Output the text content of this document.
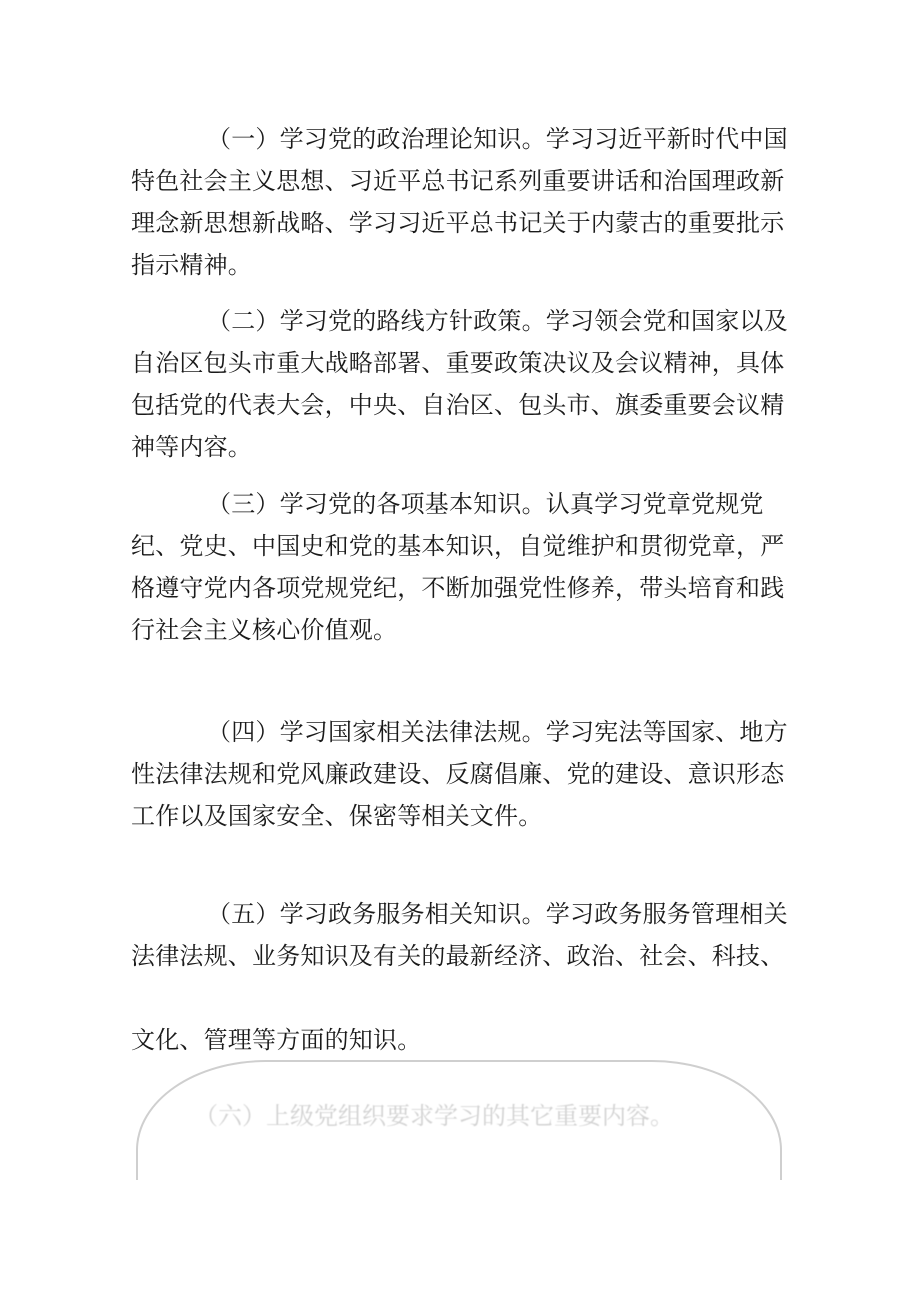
（一）学习党的政治理论知识。学习习近平新时代中国特色社会主义思想、习近平总书记系列重要讲话和治国理政新理念新思想新战略、学习习近平总书记关于内蒙古的重要批示指示精神。

（二）学习党的路线方针政策。学习领会党和国家以及自治区包头市重大战略部署、重要政策决议及会议精神，具体包括党的代表大会，中央、自治区、包头市、旗委重要会议精神等内容。

（三）学习党的各项基本知识。认真学习党章党规党纪、党史、中国史和党的基本知识，自觉维护和贯彻党章，严格遵守党内各项党规党纪，不断加强党性修养，带头培育和践行社会主义核心价值观。

（四）学习国家相关法律法规。学习宪法等国家、地方性法律法规和党风廉政建设、反腐倡廉、党的建设、意识形态工作以及国家安全、保密等相关文件。

（五）学习政务服务相关知识。学习政务服务管理相关法律法规、业务知识及有关的最新经济、政治、社会、科技、

文化、管理等方面的知识。

（六）上级党组织要求学习的其它重要内容。
